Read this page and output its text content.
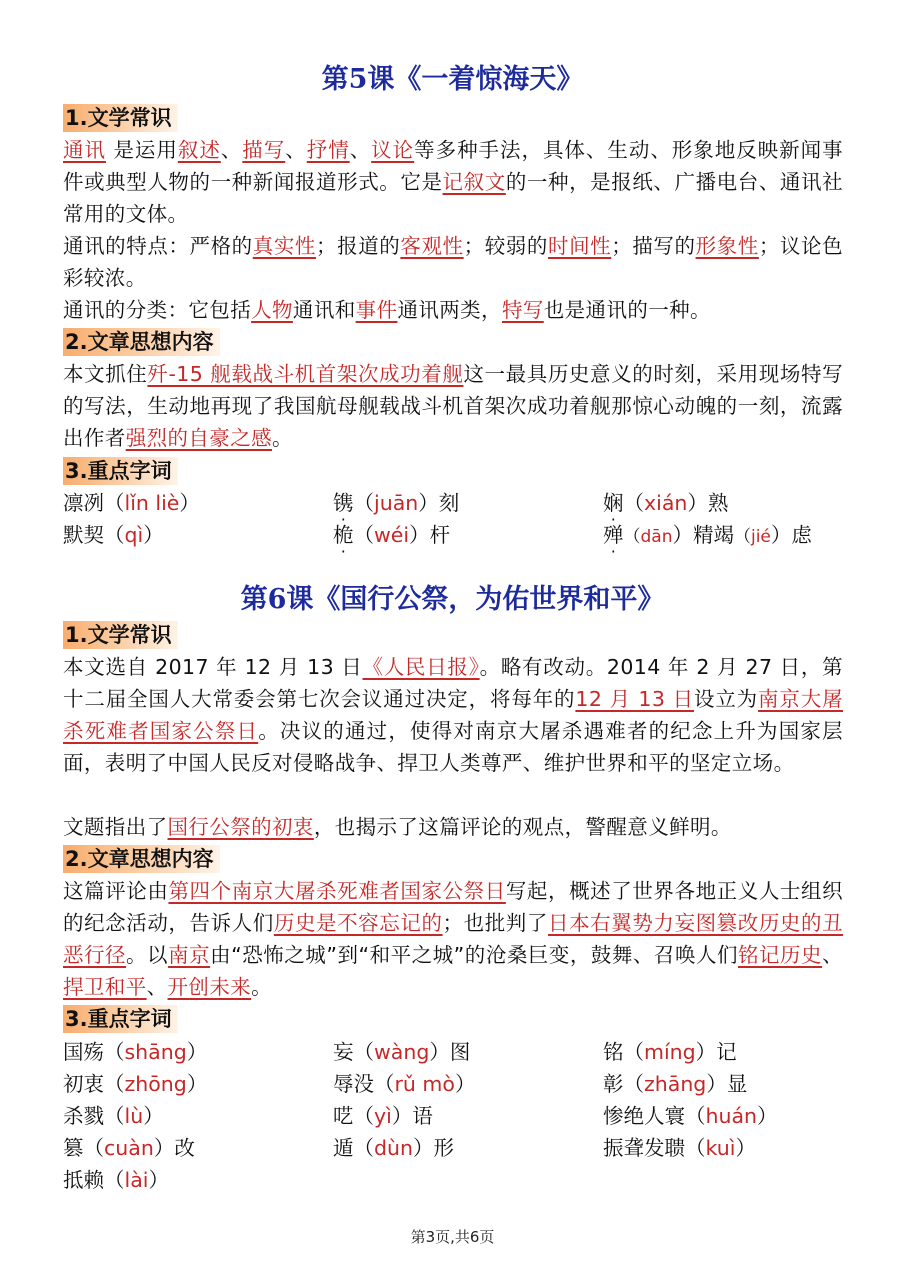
第5课《一着惊海天》
1.文学常识

通讯 是运用叙述、描写、抒情、议论等多种手法，具体、生动、形象地反映新闻事件或典型人物的一种新闻报道形式。它是记叙文的一种，是报纸、广播电台、通讯社常用的文体。

通讯的特点：严格的真实性；报道的客观性；较弱的时间性；描写的形象性；议论色彩较浓。

通讯的分类：它包括人物通讯和事件通讯两类，特写也是通讯的一种。

2.文章思想内容

本文抓住歼-15 舰载战斗机首架次成功着舰这一最具历史意义的时刻，采用现场特写的写法，生动地再现了我国航母舰载战斗机首架次成功着舰那惊心动魄的一刻，流露出作者强烈的自豪之感。

3.重点字词
凛冽（lǐn liè）	镌（juān）刻	娴（xián）熟
默契（qì）	桅（wéi）杆	殚（dān）精竭（jié）虑
第6课《国行公祭，为佑世界和平》
1.文学常识

本文选自 2017 年 12 月 13 日《人民日报》。略有改动。2014 年 2 月 27 日，第十二届全国人大常委会第七次会议通过决定，将每年的12 月 13 日设立为南京大屠杀死难者国家公祭日。决议的通过，使得对南京大屠杀遇难者的纪念上升为国家层面，表明了中国人民反对侵略战争、捍卫人类尊严、维护世界和平的坚定立场。

文题指出了国行公祭的初衷，也揭示了这篇评论的观点，警醒意义鲜明。

2.文章思想内容

这篇评论由第四个南京大屠杀死难者国家公祭日写起，概述了世界各地正义人士组织的纪念活动，告诉人们历史是不容忘记的；也批判了日本右翼势力妄图篡改历史的丑恶行径。以南京由“恐怖之城”到“和平之城”的沧桑巨变，鼓舞、召唤人们铭记历史、捍卫和平、开创未来。

3.重点字词
国殇（shāng）	妄（wàng）图	铭（míng）记
初衷（zhōng）	辱没（rǔ mò）	彰（zhāng）显
杀戮（lù）	呓（yì）语	惨绝人寰（huán）
篡（cuàn）改	遁（dùn）形	振聋发聩（kuì）
抵赖（lài）
第3页,共6页
